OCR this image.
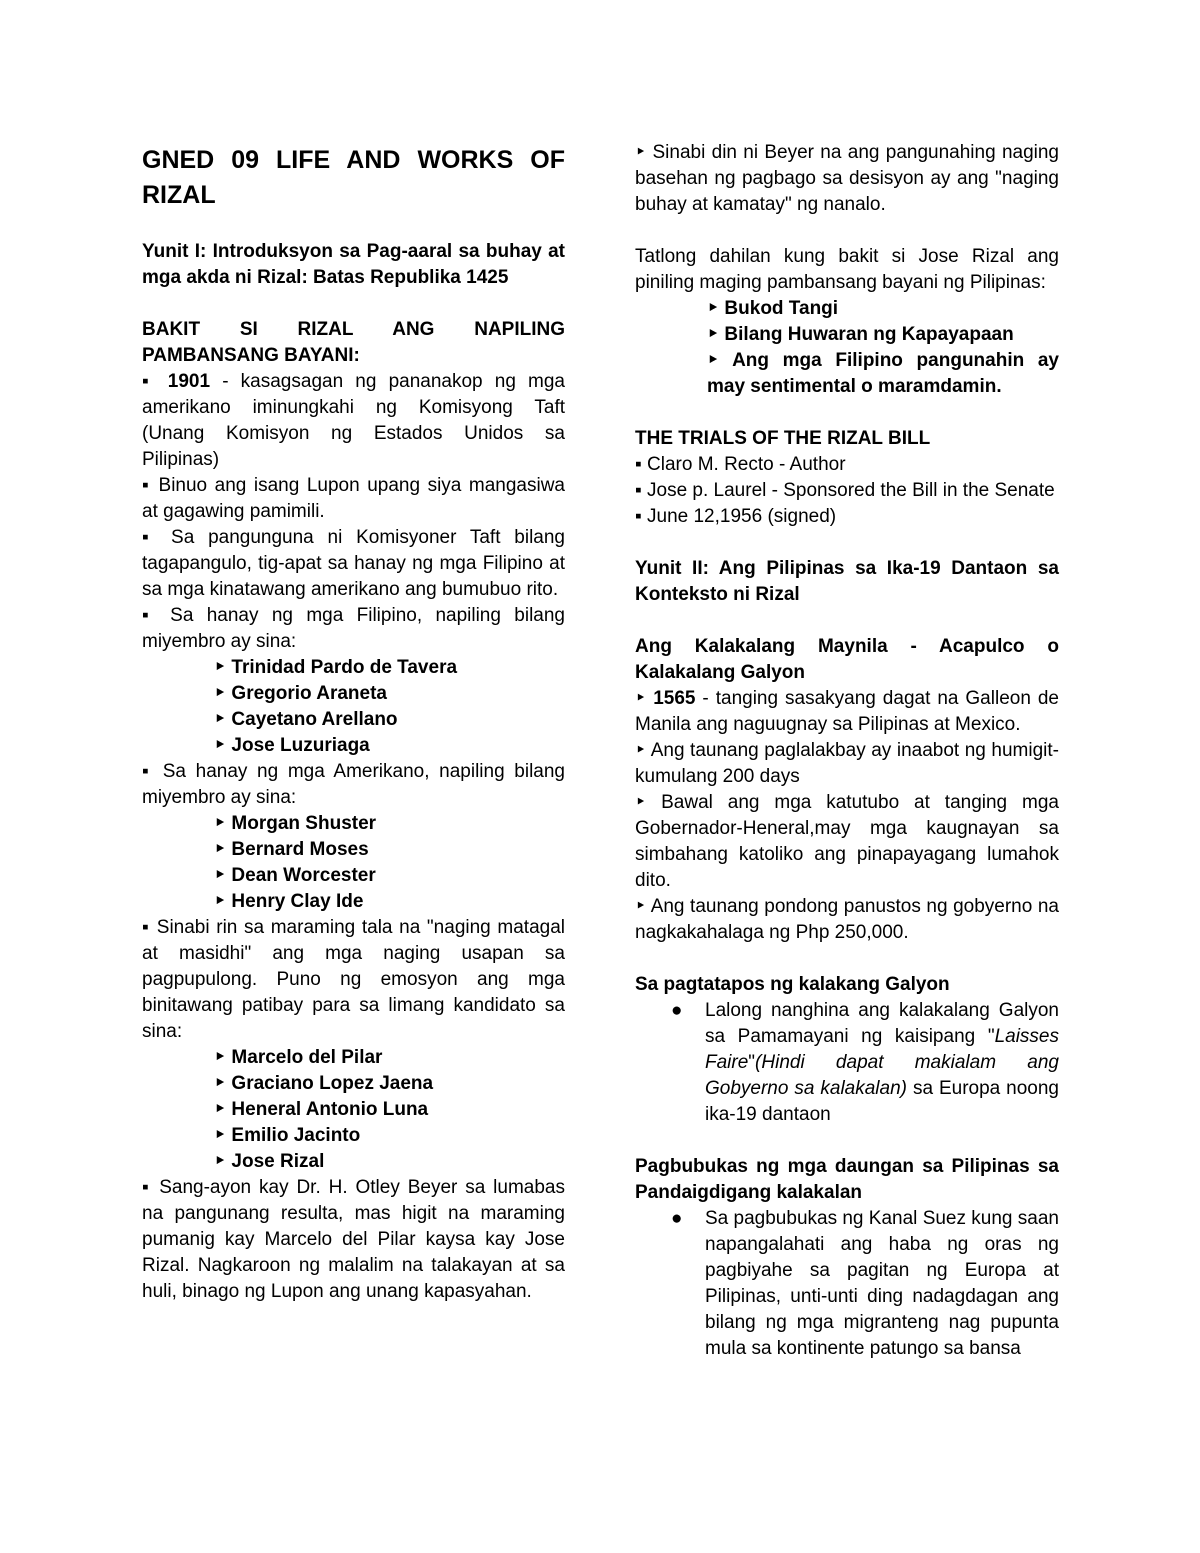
GNED 09 LIFE AND WORKS OF RIZAL

Yunit I: Introduksyon sa Pag-aaral sa buhay at mga akda ni Rizal: Batas Republika 1425

BAKIT SI RIZAL ANG NAPILING PAMBANSANG BAYANI:

▪ 1901 - kasagsagan ng pananakop ng mga amerikano iminungkahi ng Komisyong Taft (Unang Komisyon ng Estados Unidos sa Pilipinas)

▪ Binuo ang isang Lupon upang siya mangasiwa at gagawing pamimili.

▪ Sa pangunguna ni Komisyoner Taft bilang tagapangulo, tig-apat sa hanay ng mga Filipino at sa mga kinatawang amerikano ang bumubuo rito.

▪ Sa hanay ng mga Filipino, napiling bilang miyembro ay sina:

‣ Trinidad Pardo de Tavera

‣ Gregorio Araneta

‣ Cayetano Arellano

‣ Jose Luzuriaga

▪ Sa hanay ng mga Amerikano, napiling bilang miyembro ay sina:

‣ Morgan Shuster

‣ Bernard Moses

‣ Dean Worcester

‣ Henry Clay Ide

▪ Sinabi rin sa maraming tala na "naging matagal at masidhi" ang mga naging usapan sa pagpupulong. Puno ng emosyon ang mga binitawang patibay para sa limang kandidato sa sina:

‣ Marcelo del Pilar

‣ Graciano Lopez Jaena

‣ Heneral Antonio Luna

‣ Emilio Jacinto

‣ Jose Rizal

▪ Sang-ayon kay Dr. H. Otley Beyer sa lumabas na pangunang resulta, mas higit na maraming pumanig kay Marcelo del Pilar kaysa kay Jose Rizal. Nagkaroon ng malalim na talakayan at sa huli, binago ng Lupon ang unang kapasyahan.

‣ Sinabi din ni Beyer na ang pangunahing naging basehan ng pagbago sa desisyon ay ang "naging buhay at kamatay" ng nanalo.

Tatlong dahilan kung bakit si Jose Rizal ang piniling maging pambansang bayani ng Pilipinas:

‣ Bukod Tangi

‣ Bilang Huwaran ng Kapayapaan

‣ Ang mga Filipino pangunahin ay may sentimental o maramdamin.

THE TRIALS OF THE RIZAL BILL

▪ Claro M. Recto - Author

▪ Jose p. Laurel - Sponsored the Bill in the Senate

▪ June 12,1956 (signed)

Yunit II: Ang Pilipinas sa Ika-19 Dantaon sa Konteksto ni Rizal

Ang Kalakalang Maynila - Acapulco o Kalakalang Galyon

‣ 1565 - tanging sasakyang dagat na Galleon de Manila ang naguugnay sa Pilipinas at Mexico.

‣ Ang taunang paglalakbay ay inaabot ng humigit-kumulang 200 days

‣ Bawal ang mga katutubo at tanging mga Gobernador-Heneral,may mga kaugnayan sa simbahang katoliko ang pinapayagang lumahok dito.

‣ Ang taunang pondong panustos ng gobyerno na nagkakahalaga ng Php 250,000.

Sa pagtatapos ng kalakang Galyon

● Lalong nanghina ang kalakalang Galyon sa Pamamayani ng kaisipang "Laisses Faire"(Hindi dapat makialam ang Gobyerno sa kalakalan) sa Europa noong ika-19 dantaon

Pagbubukas ng mga daungan sa Pilipinas sa Pandaigdigang kalakalan

● Sa pagbubukas ng Kanal Suez kung saan napangalahati ang haba ng oras ng pagbiyahe sa pagitan ng Europa at Pilipinas, unti-unti ding nadagdagan ang bilang ng mga migranteng nag pupunta mula sa kontinente patungo sa bansa
